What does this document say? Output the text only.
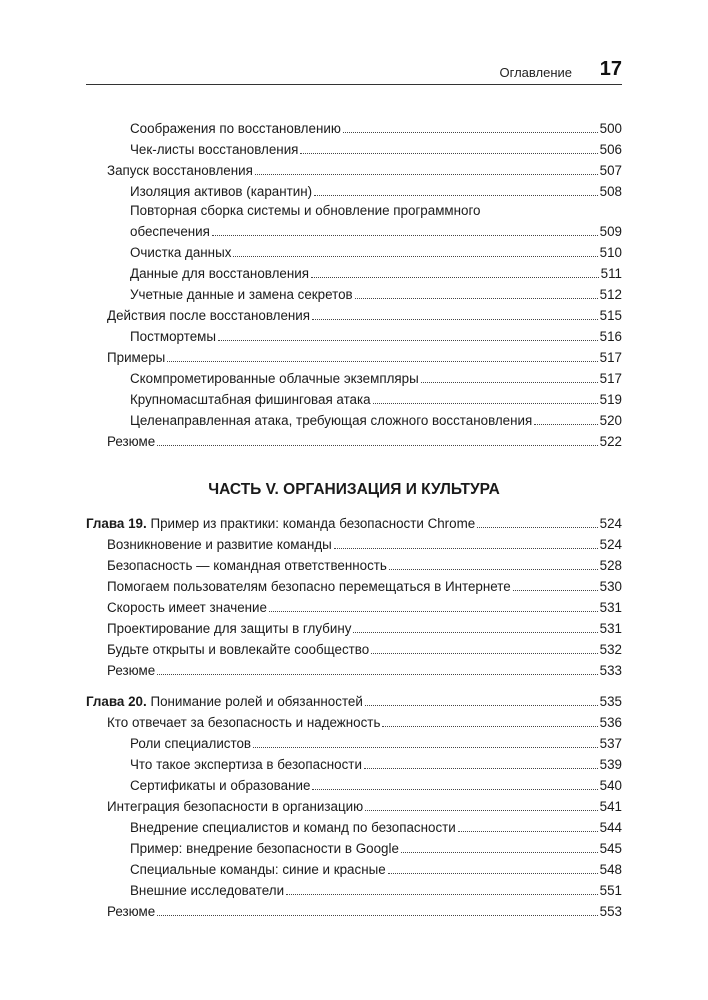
Оглавление 17
Соображения по восстановлению	500
Чек-листы восстановления	506
Запуск восстановления	507
Изоляция активов (карантин)	508
Повторная сборка системы и обновление программного
обеспечения	509
Очистка данных	510
Данные для восстановления	511
Учетные данные и замена секретов	512
Действия после восстановления	515
Постмортемы	516
Примеры	517
Скомпрометированные облачные экземпляры	517
Крупномасштабная фишинговая атака	519
Целенаправленная атака, требующая сложного восстановления	520
Резюме	522
ЧАСТЬ V. ОРГАНИЗАЦИЯ И КУЛЬТУРА
Глава 19. Пример из практики: команда безопасности Chrome	524
Возникновение и развитие команды	524
Безопасность — командная ответственность	528
Помогаем пользователям безопасно перемещаться в Интернете	530
Скорость имеет значение	531
Проектирование для защиты в глубину	531
Будьте открыты и вовлекайте сообщество	532
Резюме	533
Глава 20. Понимание ролей и обязанностей	535
Кто отвечает за безопасность и надежность	536
Роли специалистов	537
Что такое экспертиза в безопасности	539
Сертификаты и образование	540
Интеграция безопасности в организацию	541
Внедрение специалистов и команд по безопасности	544
Пример: внедрение безопасности в Google	545
Специальные команды: синие и красные	548
Внешние исследователи	551
Резюме	553
